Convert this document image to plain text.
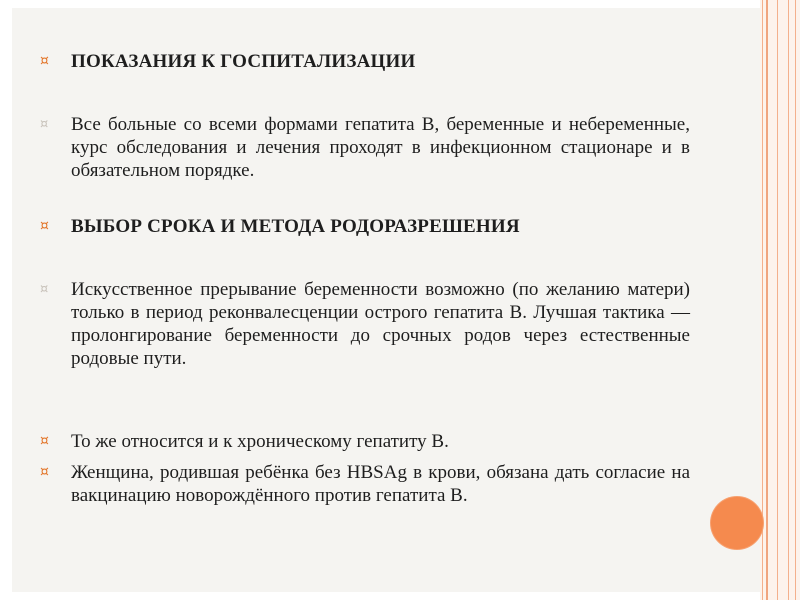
¤ ПОКАЗАНИЯ К ГОСПИТАЛИЗАЦИИ
¤	Все больные со всеми формами гепатита В, беременные и небеременные, курс обследования и лечения проходят в инфекционном стационаре и в обязательном порядке.
¤ ВЫБОР СРОКА И МЕТОДА РОДОРАЗРЕШЕНИЯ
¤	Искусственное прерывание беременности возможно (по желанию матери) только в период реконвалесценции острого гепатита В. Лучшая тактика — пролонгирование беременности до срочных родов через естественные родовые пути.
¤ То же относится и к хроническому гепатиту В.
¤ Женщина, родившая ребёнка без HBSAg в крови, обязана дать согласие на вакцинацию новорождённого против гепатита В.
